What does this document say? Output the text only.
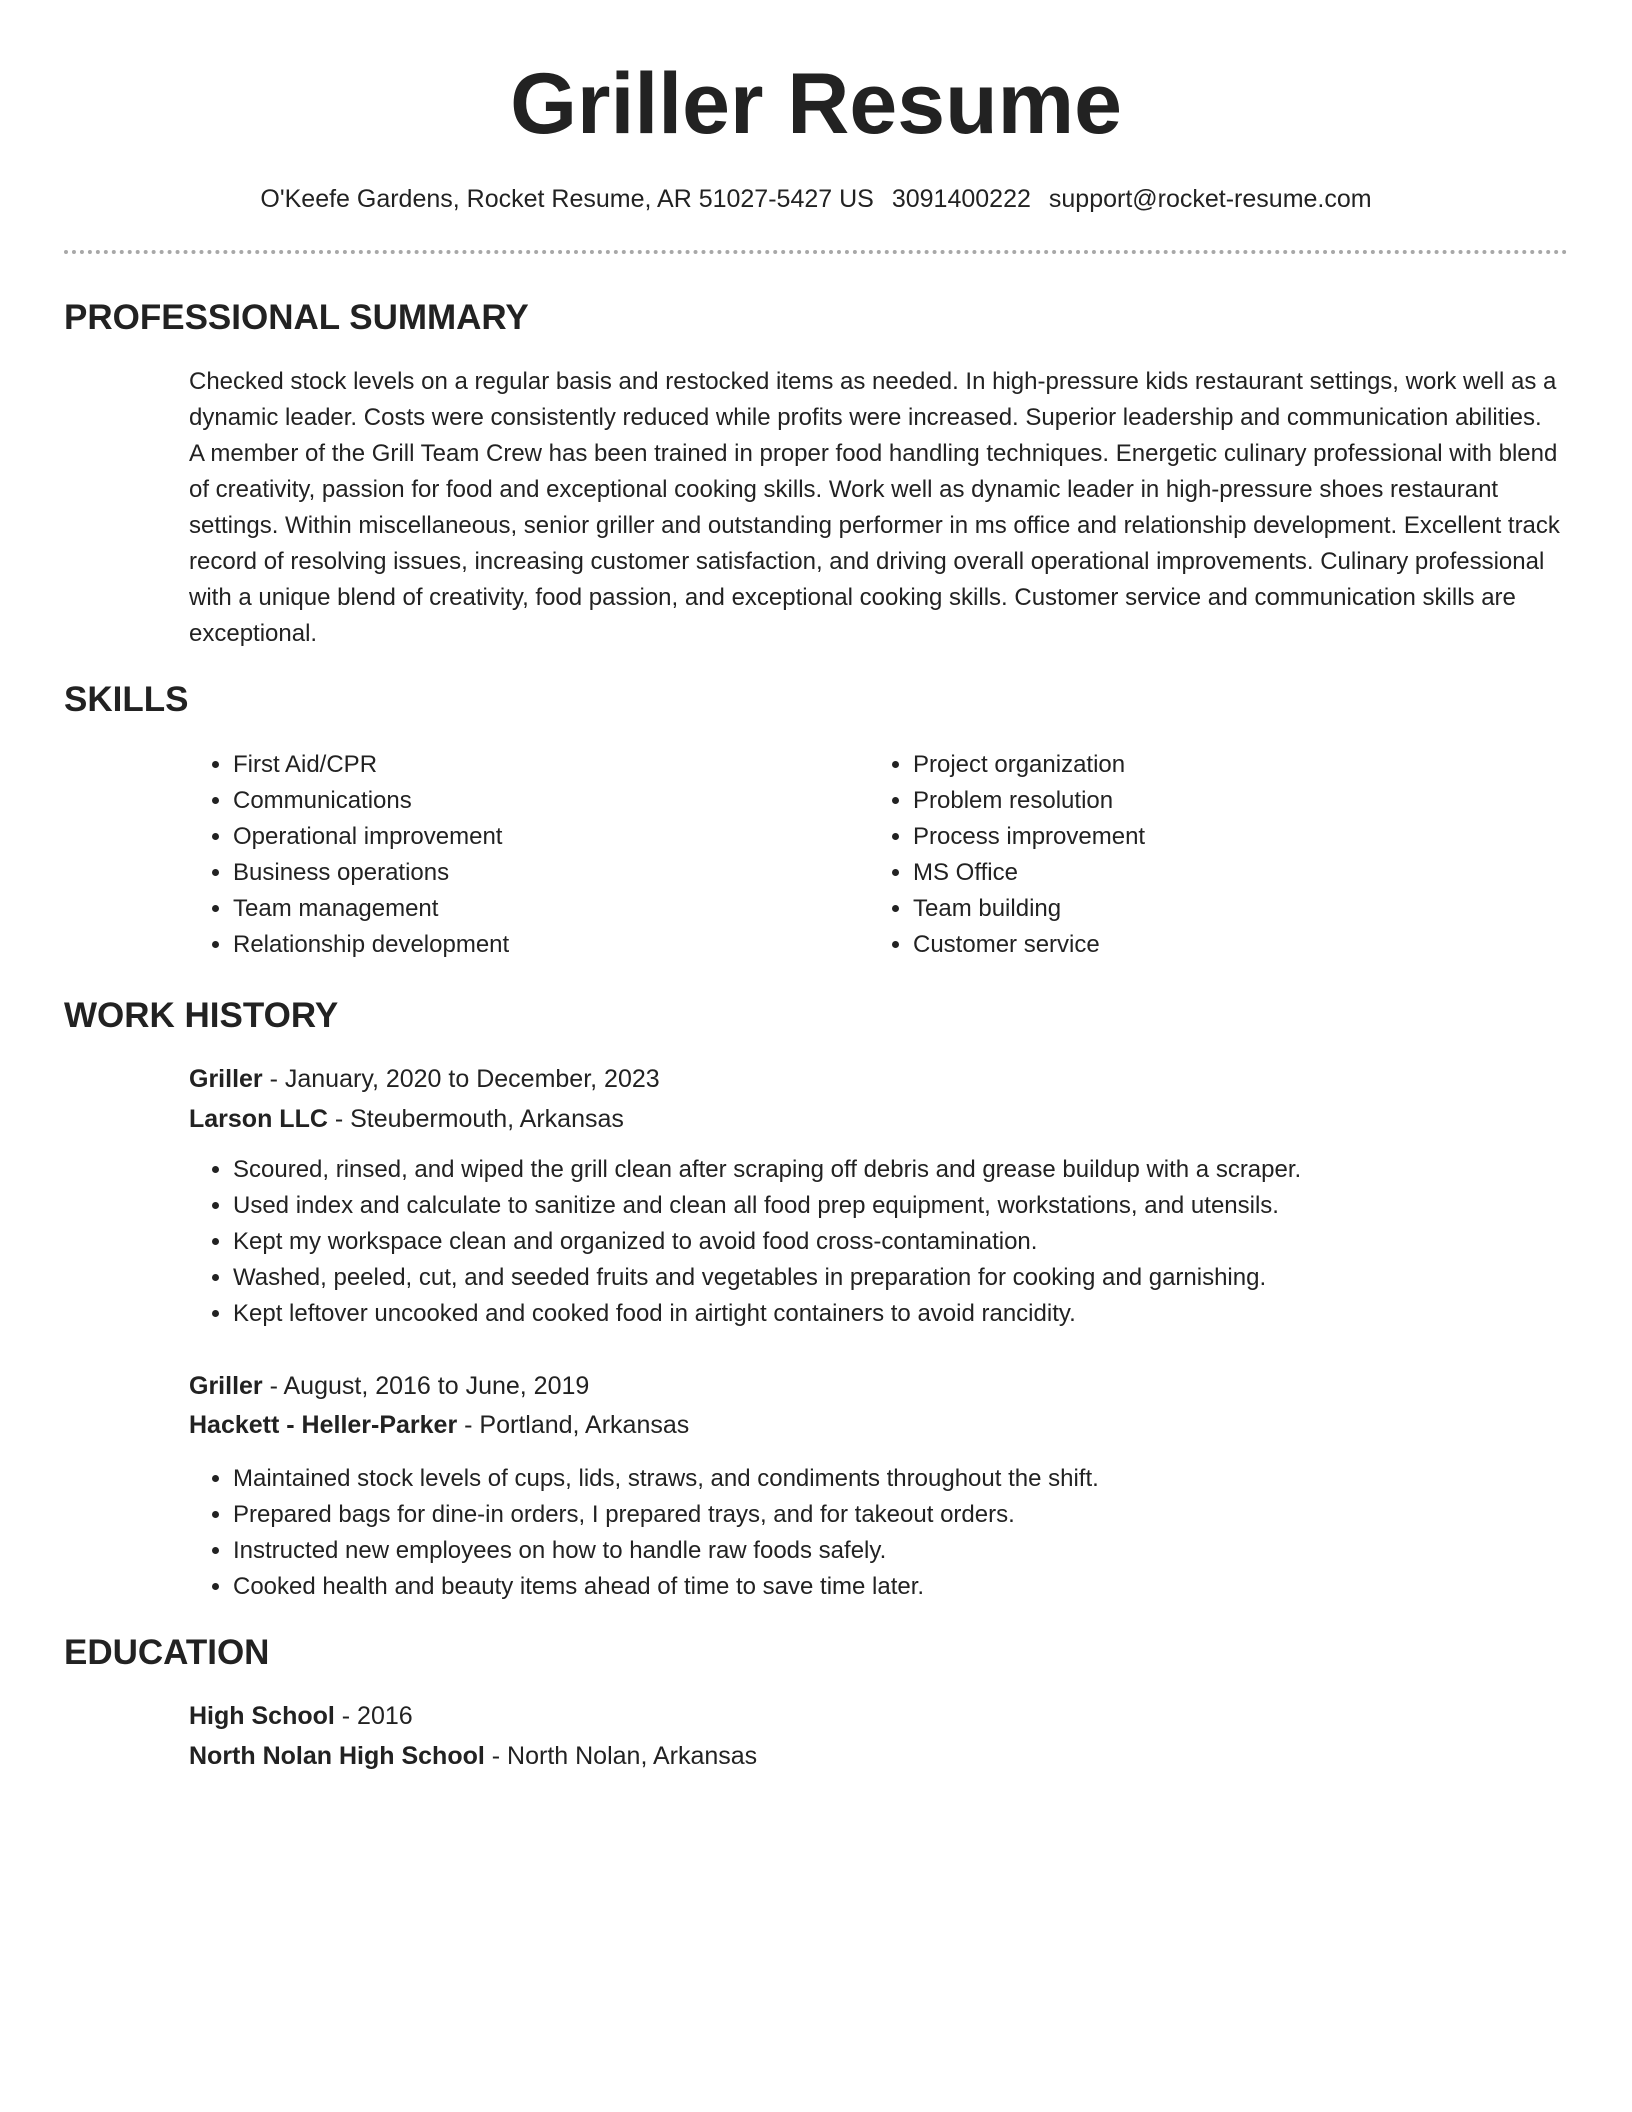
Griller Resume
O'Keefe Gardens, Rocket Resume, AR 51027-5427 US 3091400222 support@rocket-resume.com
PROFESSIONAL SUMMARY

Checked stock levels on a regular basis and restocked items as needed. In high-pressure kids restaurant settings, work well as a dynamic leader. Costs were consistently reduced while profits were increased. Superior leadership and communication abilities. A member of the Grill Team Crew has been trained in proper food handling techniques. Energetic culinary professional with blend of creativity, passion for food and exceptional cooking skills. Work well as dynamic leader in high-pressure shoes restaurant settings. Within miscellaneous, senior griller and outstanding performer in ms office and relationship development. Excellent track record of resolving issues, increasing customer satisfaction, and driving overall operational improvements. Culinary professional with a unique blend of creativity, food passion, and exceptional cooking skills. Customer service and communication skills are exceptional.

SKILLS
• First Aid/CPR
• Communications
• Operational improvement
• Business operations
• Team management
• Relationship development
• Project organization
• Problem resolution
• Process improvement
• MS Office
• Team building
• Customer service
WORK HISTORY
Griller - January, 2020 to December, 2023
Larson LLC - Steubermouth, Arkansas
• Scoured, rinsed, and wiped the grill clean after scraping off debris and grease buildup with a scraper.
• Used index and calculate to sanitize and clean all food prep equipment, workstations, and utensils.
• Kept my workspace clean and organized to avoid food cross-contamination.
• Washed, peeled, cut, and seeded fruits and vegetables in preparation for cooking and garnishing.
• Kept leftover uncooked and cooked food in airtight containers to avoid rancidity.
Griller - August, 2016 to June, 2019
Hackett - Heller-Parker - Portland, Arkansas
• Maintained stock levels of cups, lids, straws, and condiments throughout the shift.
• Prepared bags for dine-in orders, I prepared trays, and for takeout orders.
• Instructed new employees on how to handle raw foods safely.
• Cooked health and beauty items ahead of time to save time later.
EDUCATION
High School - 2016
North Nolan High School - North Nolan, Arkansas
